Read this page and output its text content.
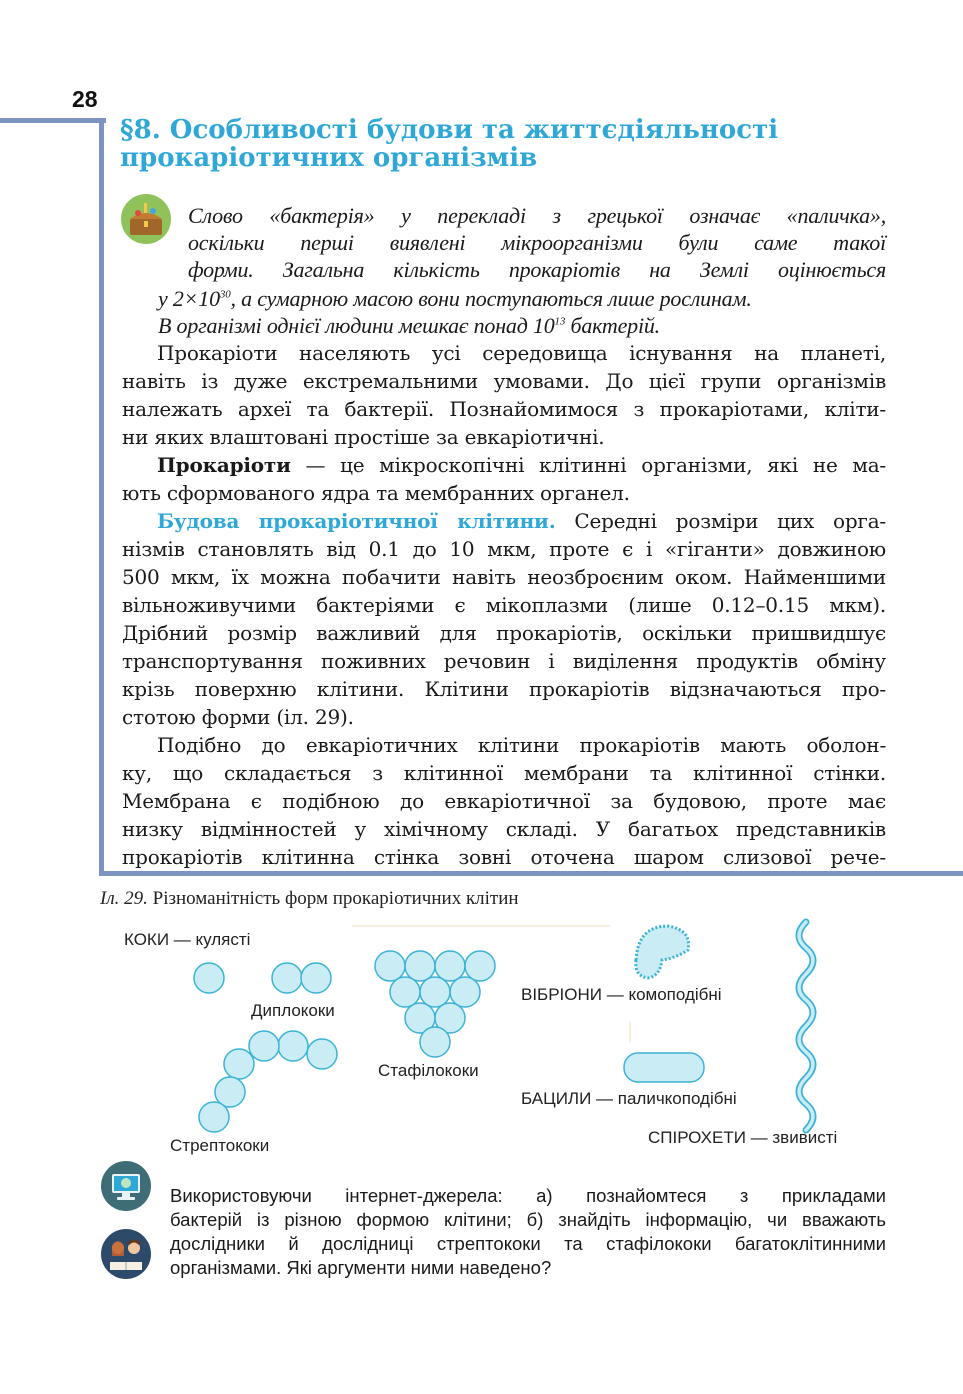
28
§8. Особливості будови та життєдіяльності
прокаріотичних організмів
Слово «бактерія» у перекладі з грецької означає «паличка»,
оскільки перші виявлені мікроорганізми були саме такої
форми. Загальна кількість прокаріотів на Землі оцінюється
у $2\times 10^{30}$, а сумарною масою вони поступаються лише рослинам.
В організмі однієї людини мешкає понад $10^{13}$ бактерій.
Прокаріоти населяють усі середовища існування на планеті,
навіть із дуже екстремальними умовами. До цієї групи організмів
належать археї та бактерії. Познайомимося з прокаріотами, кліти-
ни яких влаштовані простіше за евкаріотичні.
Прокаріоти — це мікроскопічні клітинні організми, які не ма-
ють сформованого ядра та мембранних органел.
Будова прокаріотичної клітини. Середні розміри цих орга-
нізмів становлять від 0.1 до 10 мкм, проте є і «гіганти» довжиною
500 мкм, їх можна побачити навіть неозброєним оком. Найменшими
вільноживучими бактеріями є мікоплазми (лише 0.12–0.15 мкм).
Дрібний розмір важливий для прокаріотів, оскільки пришвидшує
транспортування поживних речовин і виділення продуктів обміну
крізь поверхню клітини. Клітини прокаріотів відзначаються про-
стотою форми (іл. 29).
Подібно до евкаріотичних клітини прокаріотів мають оболон-
ку, що складається з клітинної мембрани та клітинної стінки.
Мембрана є подібною до евкаріотичної за будовою, проте має
низку відмінностей у хімічному складі. У багатьох представників
прокаріотів клітинна стінка зовні оточена шаром слизової рече-
Іл. 29. Різноманітність форм прокаріотичних клітин
КОКИ — кулясті
Диплококи
Стафілококи
Стрептококи
ВІБРІОНИ — комоподібні
БАЦИЛИ — паличкоподібні
СПІРОХЕТИ — звивисті
Використовуючи інтернет-джерела: а) познайомтеся з прикладами
бактерій із різною формою клітини; б) знайдіть інформацію, чи вважають
дослідники й дослідниці стрептококи та стафілококи багатоклітинними
організмами. Які аргументи ними наведено?
